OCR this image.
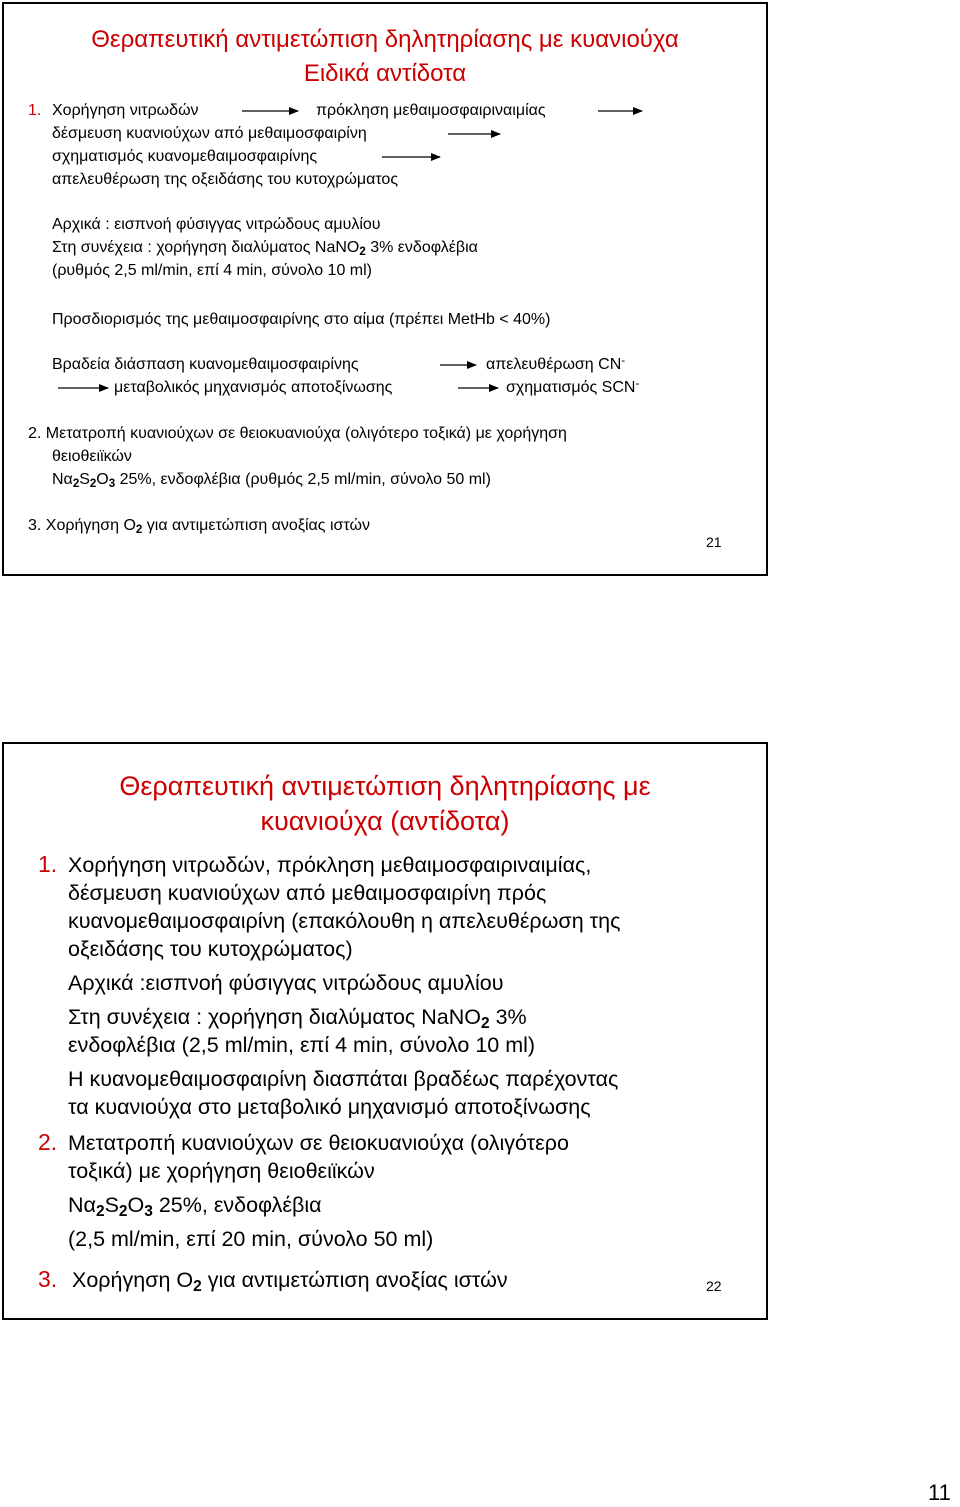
Θεραπευτική αντιμετώπιση δηλητηρίασης με κυανιούχα
Ειδικά αντίδοτα
1. Χορήγηση νιτρωδών	πρόκληση μεθαιμοσφαιριναιμίας
δέσμευση κυανιούχων από μεθαιμοσφαιρίνη
σχηματισμός κυανομεθαιμοσφαιρίνης
απελευθέρωση της οξειδάσης του κυτοχρώματος
Αρχικά : εισπνοή φύσιγγας νιτρώδους αμυλίου
Στη συνέχεια : χορήγηση διαλύματος NaNO$_2$ 3% ενδοφλέβια
(ρυθμός 2,5 ml/min, επί 4 min, σύνολο 10 ml)
Προσδιορισμός της μεθαιμοσφαιρίνης στο αίμα (πρέπει MetHb < 40%)
Βραδεία διάσπαση κυανομεθαιμοσφαιρίνης	απελευθέρωση CN-
μεταβολικός μηχανισμός αποτοξίνωσης	σχηματισμός SCN-
2. Μετατροπή κυανιούχων σε θειοκυανιούχα (ολιγότερο τοξικά) με χορήγηση
θειοθειϊκών
$N\alpha_2S_2O_3$ 25%, ενδοφλέβια (ρυθμός 2,5 ml/min, σύνολο 50 ml)
3. Χορήγηση $O_2$ για αντιμετώπιση ανοξίας ιστών
21
Θεραπευτική αντιμετώπιση δηλητηρίασης με
κυανιούχα (αντίδοτα)
1. Χορήγηση νιτρωδών, πρόκληση μεθαιμοσφαιριναιμίας,
δέσμευση κυανιούχων από μεθαιμοσφαιρίνη πρός
κυανομεθαιμοσφαιρίνη (επακόλουθη η απελευθέρωση της
οξειδάσης του κυτοχρώματος)
Αρχικά :εισπνοή φύσιγγας νιτρώδους αμυλίου
Στη συνέχεια : χορήγηση διαλύματος NaNO$_2$ 3%
ενδοφλέβια (2,5 ml/min, επί 4 min, σύνολο 10 ml)
Η κυανομεθαιμοσφαιρίνη διασπάται βραδέως παρέχοντας
τα κυανιούχα στο μεταβολικό μηχανισμό αποτοξίνωσης
2. Μετατροπή κυανιούχων σε θειοκυανιούχα (ολιγότερο
τοξικά) με χορήγηση θειοθειϊκών
$N\alpha_2S_2O_3$ 25%, ενδοφλέβια
(2,5 ml/min, επί 20 min, σύνολο 50 ml)
3. Χορήγηση $O_2$ για αντιμετώπιση ανοξίας ιστών	22
11
